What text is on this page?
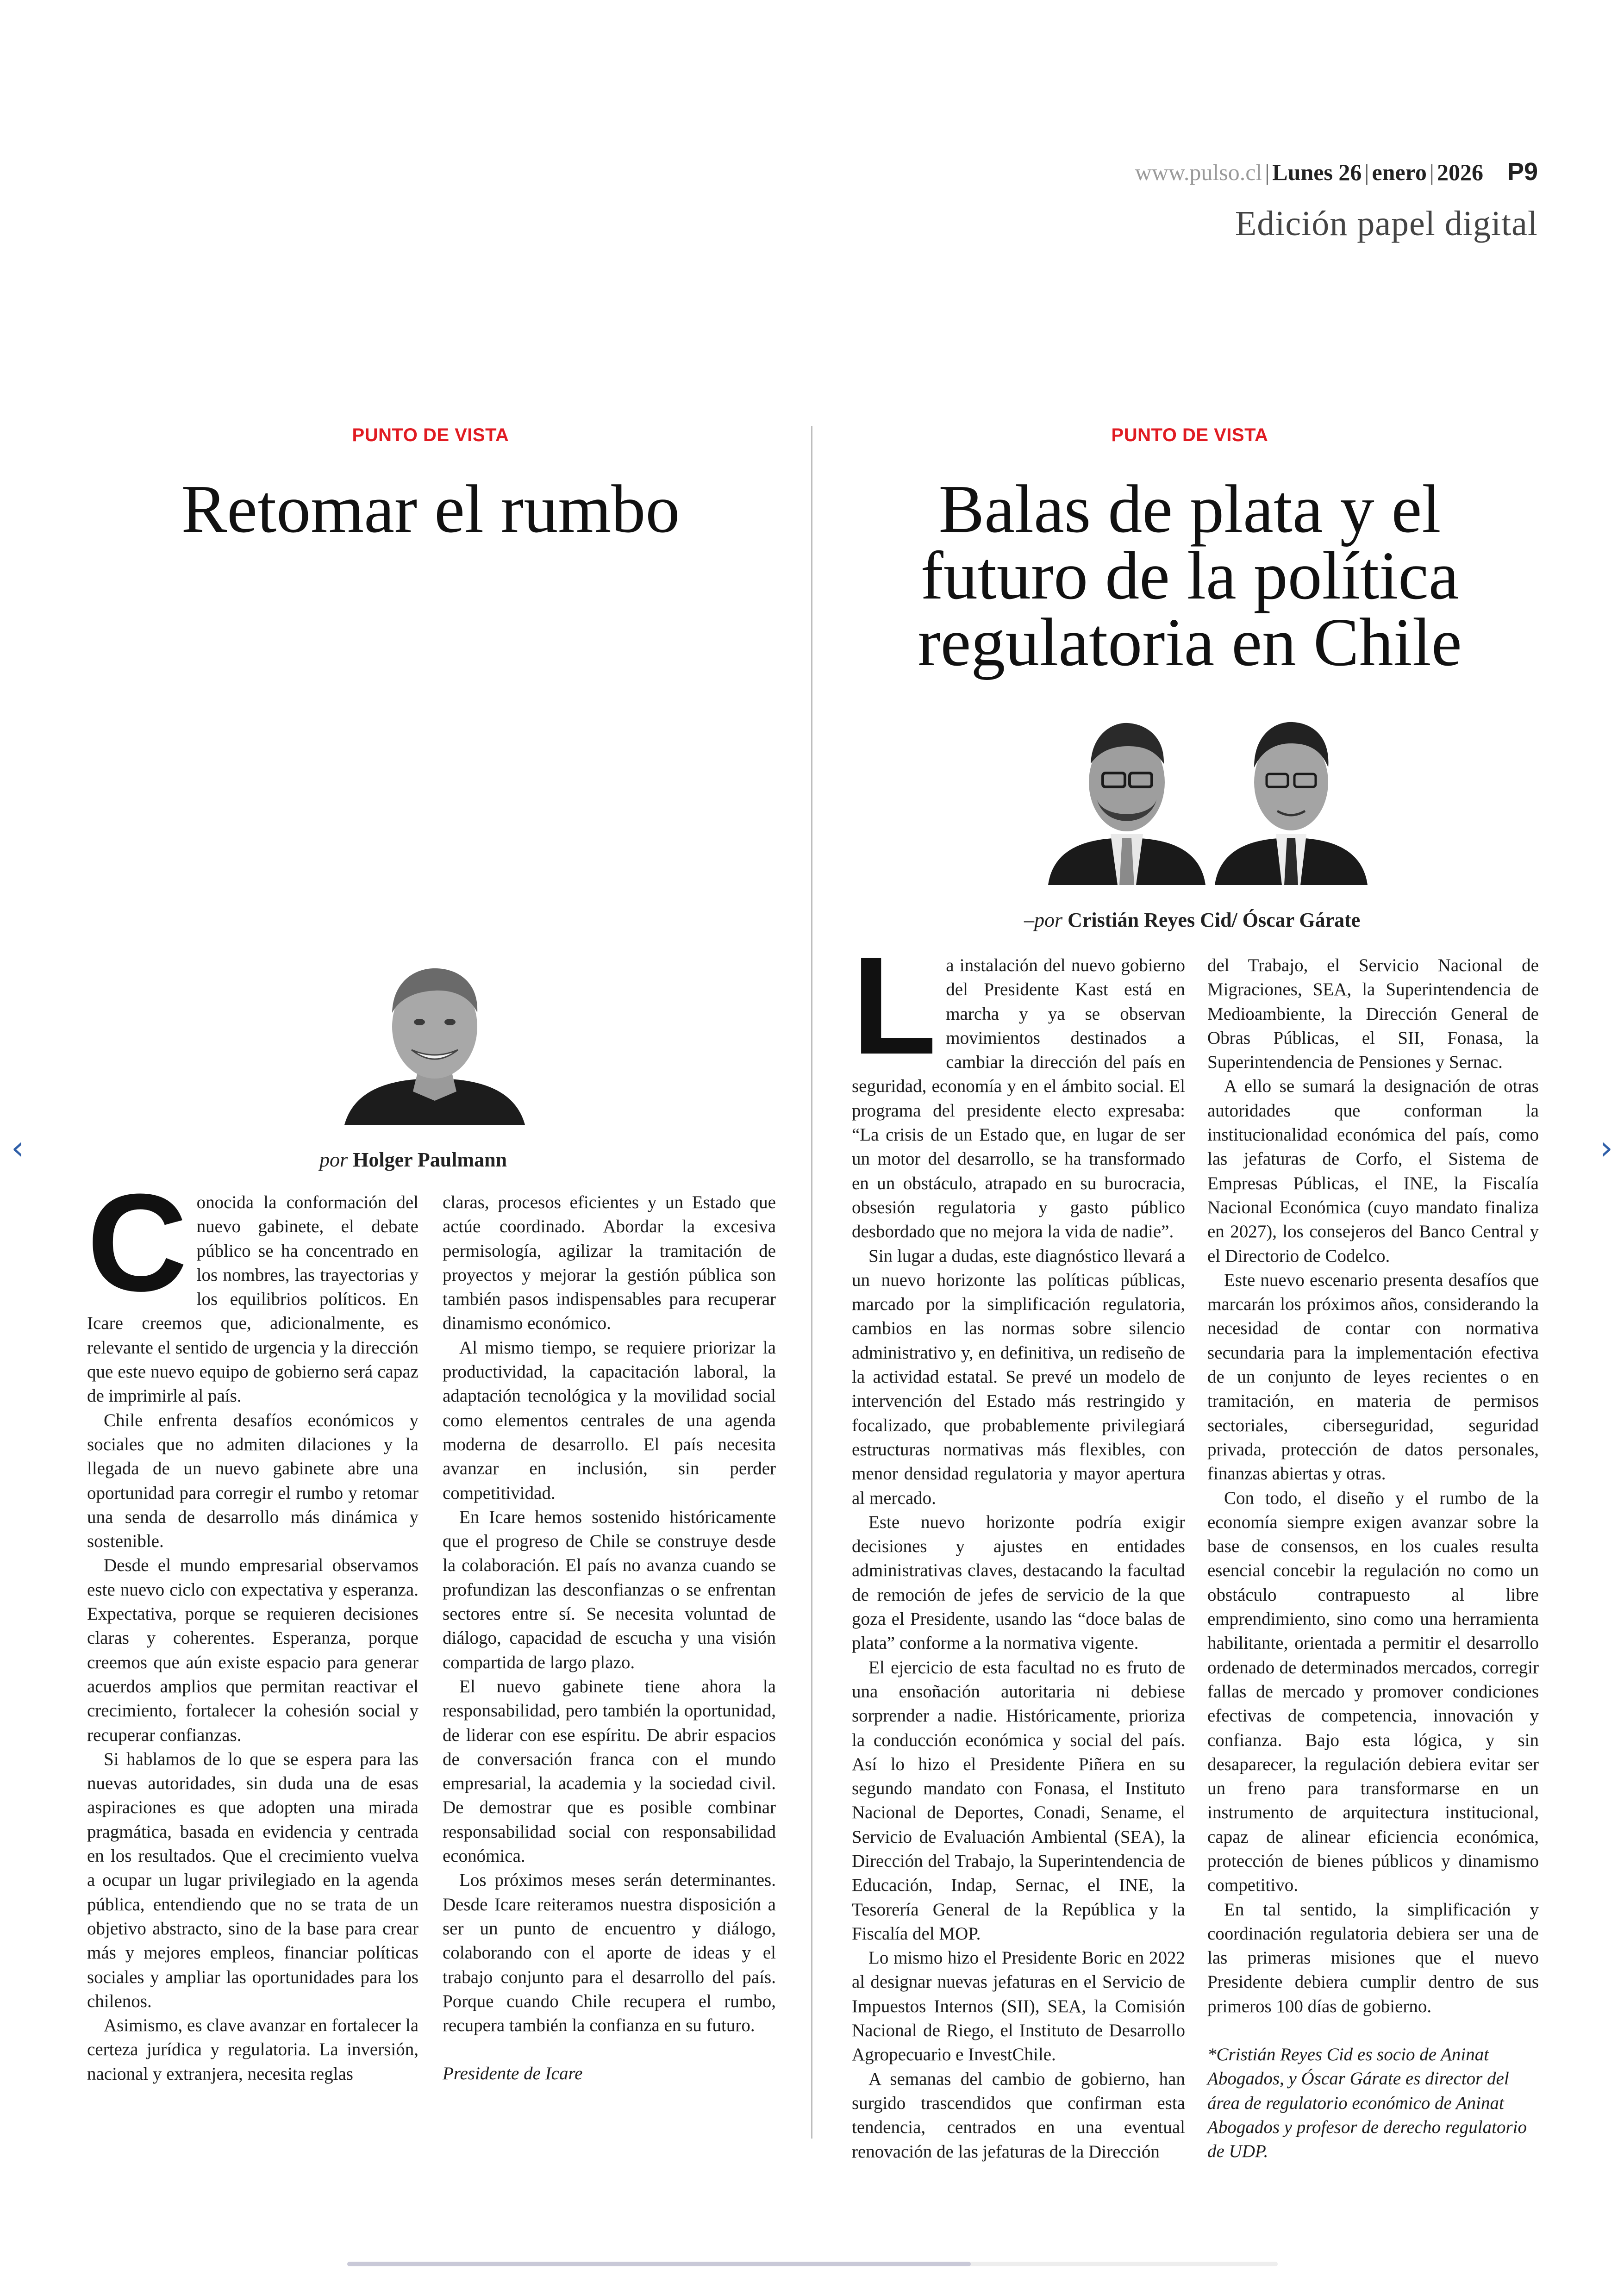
www.pulso.cl | Lunes 26 | enero | 2026 P9
Edición papel digital
PUNTO DE VISTA
Retomar el rumbo
por Holger Paulmann

Conocida la conformación del nuevo gabinete, el debate público se ha concentrado en los nombres, las trayectorias y los equilibrios políticos. En Icare creemos que, adicionalmente, es relevante el sentido de urgencia y la dirección que este nuevo equipo de gobierno será capaz de imprimirle al país.

Chile enfrenta desafíos económicos y sociales que no admiten dilaciones y la llegada de un nuevo gabinete abre una oportunidad para corregir el rumbo y retomar una senda de desarrollo más dinámica y sostenible.

Desde el mundo empresarial observamos este nuevo ciclo con expectativa y esperanza. Expectativa, porque se requieren decisiones claras y coherentes. Esperanza, porque creemos que aún existe espacio para generar acuerdos amplios que permitan reactivar el crecimiento, fortalecer la cohesión social y recuperar confianzas.

Si hablamos de lo que se espera para las nuevas autoridades, sin duda una de esas aspiraciones es que adopten una mirada pragmática, basada en evidencia y centrada en los resultados. Que el crecimiento vuelva a ocupar un lugar privilegiado en la agenda pública, entendiendo que no se trata de un objetivo abstracto, sino de la base para crear más y mejores empleos, financiar políticas sociales y ampliar las oportunidades para los chilenos.

Asimismo, es clave avanzar en fortalecer la certeza jurídica y regulatoria. La inversión, nacional y extranjera, necesita reglas

claras, procesos eficientes y un Estado que actúe coordinado. Abordar la excesiva permisología, agilizar la tramitación de proyectos y mejorar la gestión pública son también pasos indispensables para recuperar dinamismo económico.

Al mismo tiempo, se requiere priorizar la productividad, la capacitación laboral, la adaptación tecnológica y la movilidad social como elementos centrales de una agenda moderna de desarrollo. El país necesita avanzar en inclusión, sin perder competitividad.

En Icare hemos sostenido históricamente que el progreso de Chile se construye desde la colaboración. El país no avanza cuando se profundizan las desconfianzas o se enfrentan sectores entre sí. Se necesita voluntad de diálogo, capacidad de escucha y una visión compartida de largo plazo.

El nuevo gabinete tiene ahora la responsabilidad, pero también la oportunidad, de liderar con ese espíritu. De abrir espacios de conversación franca con el mundo empresarial, la academia y la sociedad civil. De demostrar que es posible combinar responsabilidad social con responsabilidad económica.

Los próximos meses serán determinantes. Desde Icare reiteramos nuestra disposición a ser un punto de encuentro y diálogo, colaborando con el aporte de ideas y el trabajo conjunto para el desarrollo del país. Porque cuando Chile recupera el rumbo, recupera también la confianza en su futuro.

Presidente de Icare

PUNTO DE VISTA
Balas de plata y el futuro de la política regulatoria en Chile
–por Cristián Reyes Cid/ Óscar Gárate

La instalación del nuevo gobierno del Presidente Kast está en marcha y ya se observan movimientos destinados a cambiar la dirección del país en seguridad, economía y en el ámbito social. El programa del presidente electo expresaba: “La crisis de un Estado que, en lugar de ser un motor del desarrollo, se ha transformado en un obstáculo, atrapado en su burocracia, obsesión regulatoria y gasto público desbordado que no mejora la vida de nadie”.

Sin lugar a dudas, este diagnóstico llevará a un nuevo horizonte las políticas públicas, marcado por la simplificación regulatoria, cambios en las normas sobre silencio administrativo y, en definitiva, un rediseño de la actividad estatal. Se prevé un modelo de intervención del Estado más restringido y focalizado, que probablemente privilegiará estructuras normativas más flexibles, con menor densidad regulatoria y mayor apertura al mercado.

Este nuevo horizonte podría exigir decisiones y ajustes en entidades administrativas claves, destacando la facultad de remoción de jefes de servicio de la que goza el Presidente, usando las “doce balas de plata” conforme a la normativa vigente.

El ejercicio de esta facultad no es fruto de una ensoñación autoritaria ni debiese sorprender a nadie. Históricamente, prioriza la conducción económica y social del país. Así lo hizo el Presidente Piñera en su segundo mandato con Fonasa, el Instituto Nacional de Deportes, Conadi, Sename, el Servicio de Evaluación Ambiental (SEA), la Dirección del Trabajo, la Superintendencia de Educación, Indap, Sernac, el INE, la Tesorería General de la República y la Fiscalía del MOP.

Lo mismo hizo el Presidente Boric en 2022 al designar nuevas jefaturas en el Servicio de Impuestos Internos (SII), SEA, la Comisión Nacional de Riego, el Instituto de Desarrollo Agropecuario e InvestChile.

A semanas del cambio de gobierno, han surgido trascendidos que confirman esta tendencia, centrados en una eventual renovación de las jefaturas de la Dirección

del Trabajo, el Servicio Nacional de Migraciones, SEA, la Superintendencia de Medioambiente, la Dirección General de Obras Públicas, el SII, Fonasa, la Superintendencia de Pensiones y Sernac.

A ello se sumará la designación de otras autoridades que conforman la institucionalidad económica del país, como las jefaturas de Corfo, el Sistema de Empresas Públicas, el INE, la Fiscalía Nacional Económica (cuyo mandato finaliza en 2027), los consejeros del Banco Central y el Directorio de Codelco.

Este nuevo escenario presenta desafíos que marcarán los próximos años, considerando la necesidad de contar con normativa secundaria para la implementación efectiva de un conjunto de leyes recientes o en tramitación, en materia de permisos sectoriales, ciberseguridad, seguridad privada, protección de datos personales, finanzas abiertas y otras.

Con todo, el diseño y el rumbo de la economía siempre exigen avanzar sobre la base de consensos, en los cuales resulta esencial concebir la regulación no como un obstáculo contrapuesto al libre emprendimiento, sino como una herramienta habilitante, orientada a permitir el desarrollo ordenado de determinados mercados, corregir fallas de mercado y promover condiciones efectivas de competencia, innovación y confianza. Bajo esta lógica, y sin desaparecer, la regulación debiera evitar ser un freno para transformarse en un instrumento de arquitectura institucional, capaz de alinear eficiencia económica, protección de bienes públicos y dinamismo competitivo.

En tal sentido, la simplificación y coordinación regulatoria debiera ser una de las primeras misiones que el nuevo Presidente debiera cumplir dentro de sus primeros 100 días de gobierno.

*Cristián Reyes Cid es socio de Aninat Abogados, y Óscar Gárate es director del área de regulatorio económico de Aninat Abogados y profesor de derecho regulatorio de UDP.

‹	›
